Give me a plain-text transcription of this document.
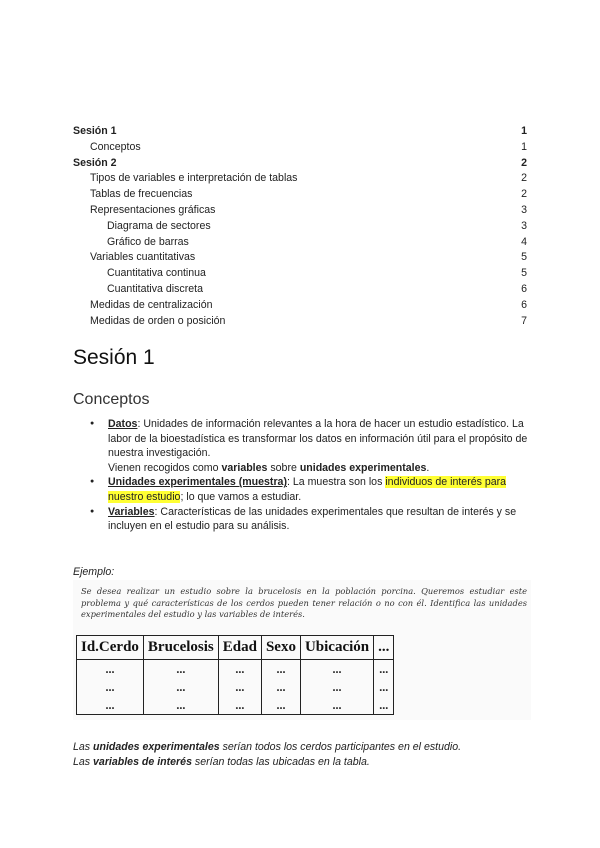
Sesión 1	1
Conceptos	1
Sesión 2	2
Tipos de variables e interpretación de tablas	2
Tablas de frecuencias	2
Representaciones gráficas	3
Diagrama de sectores	3
Gráfico de barras	4
Variables cuantitativas	5
Cuantitativa continua	5
Cuantitativa discreta	6
Medidas de centralización	6
Medidas de orden o posición	7
Sesión 1
Conceptos
● Datos: Unidades de información relevantes a la hora de hacer un estudio estadístico. La labor de la bioestadística es transformar los datos en información útil para el propósito de nuestra investigación.
Vienen recogidos como variables sobre unidades experimentales.
● Unidades experimentales (muestra): La muestra son los individuos de interés para nuestro estudio; lo que vamos a estudiar.
● Variables: Características de las unidades experimentales que resultan de interés y se incluyen en el estudio para su análisis.
Ejemplo:
Se desea realizar un estudio sobre la brucelosis en la población porcina. Queremos estudiar este problema y qué características de los cerdos pueden tener relación o no con él. Identifica las unidades experimentales del estudio y las variables de interés.
Id.Cerdo	Brucelosis	Edad	Sexo	Ubicación	...
...	...	...	...	...	...
...	...	...	...	...	...
...	...	...	...	...	...
Las unidades experimentales serían todos los cerdos participantes en el estudio.
Las variables de interés serían todas las ubicadas en la tabla.
